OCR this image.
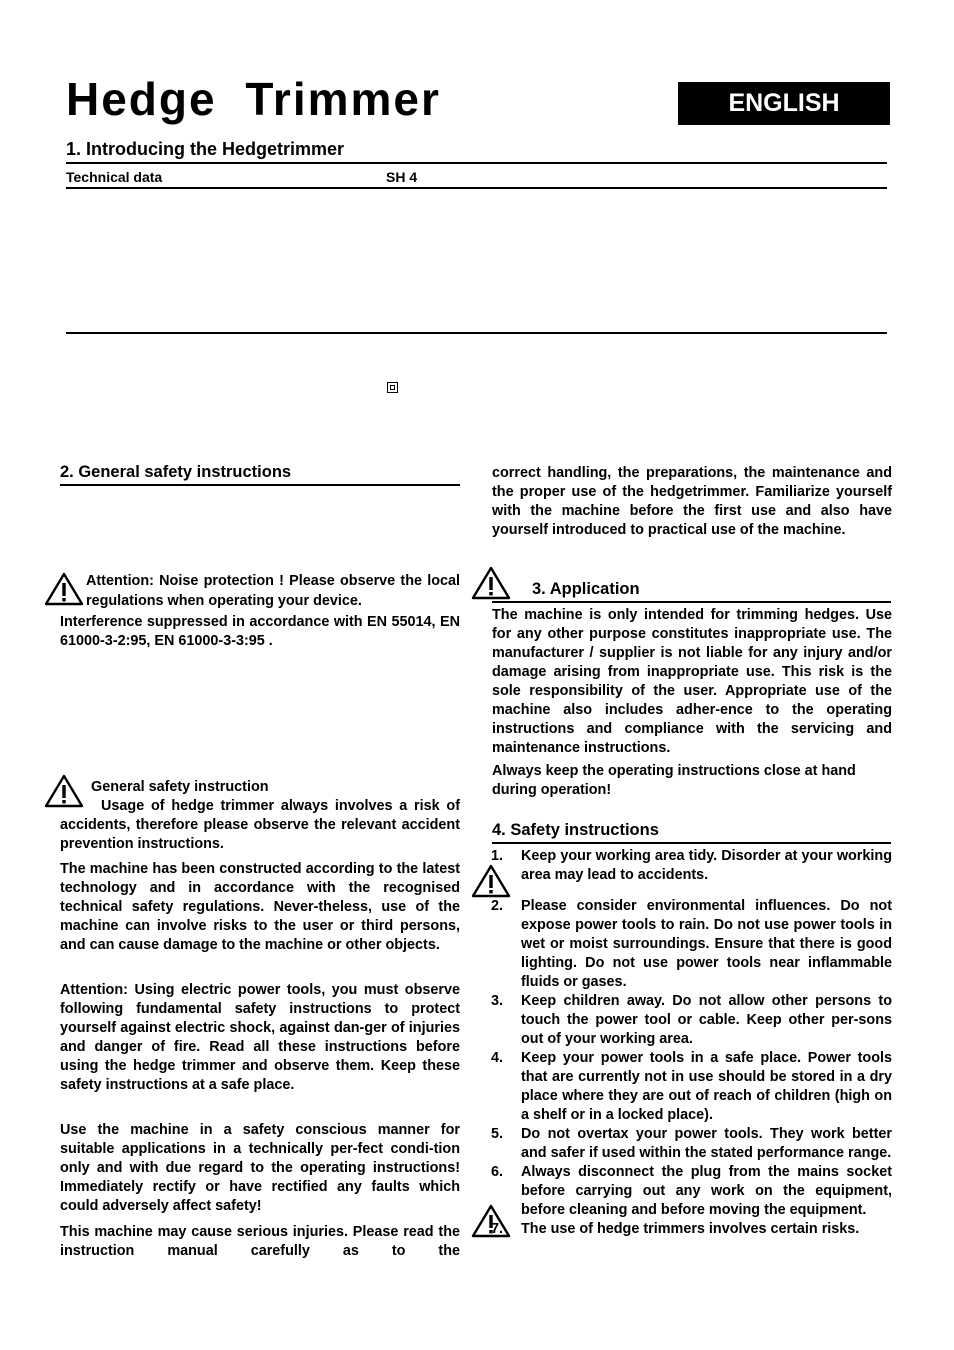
Hedge Trimmer	ENGLISH
1. Introducing the Hedgetrimmer
Technical data	SH 4
2. General safety instructions
Attention: Noise protection ! Please observe the local regulations when operating your device.
Interference suppressed in accordance with EN 55014, EN 61000-3-2:95, EN 61000-3-3:95 .
General safety instruction
Usage of hedge trimmer always involves a risk of accidents, therefore please observe the relevant accident prevention instructions.
The machine has been constructed according to the latest technology and in accordance with the recognised technical safety regulations. Never-theless, use of the machine can involve risks to the user or third persons, and can cause damage to the machine or other objects.
Attention: Using electric power tools, you must observe following fundamental safety instructions to protect yourself against electric shock, against dan-ger of injuries and danger of fire. Read all these instructions before using the hedge trimmer and observe them. Keep these safety instructions at a safe place.
Use the machine in a safety conscious manner for suitable applications in a technically per-fect condi-tion only and with due regard to the operating instructions! Immediately rectify or have rectified any faults which could adversely affect safety!
This machine may cause serious injuries. Please read the instruction manual carefully as to the
correct handling, the preparations, the maintenance and the proper use of the hedgetrimmer. Familiarize yourself with the machine before the first use and also have yourself introduced to practical use of the machine.
3. Application
The machine is only intended for trimming hedges. Use for any other purpose constitutes inappropriate use. The manufacturer / supplier is not liable for any injury and/or damage arising from inappropriate use. This risk is the sole responsibility of the user. Appropriate use of the machine also includes adher-ence to the operating instructions and compliance with the servicing and maintenance instructions.
Always keep the operating instructions close at hand during operation!
4. Safety instructions
1. Keep your working area tidy. Disorder at your working area may lead to accidents.
2. Please consider environmental influences. Do not expose power tools to rain. Do not use power tools in wet or moist surroundings. Ensure that there is good lighting. Do not use power tools near inflammable fluids or gases.
3. Keep children away. Do not allow other persons to touch the power tool or cable. Keep other per-sons out of your working area.
4. Keep your power tools in a safe place. Power tools that are currently not in use should be stored in a dry place where they are out of reach of children (high on a shelf or in a locked place).
5. Do not overtax your power tools. They work better and safer if used within the stated performance range.
6. Always disconnect the plug from the mains socket before carrying out any work on the equipment, before cleaning and before moving the equipment.
7. The use of hedge trimmers involves certain risks.
